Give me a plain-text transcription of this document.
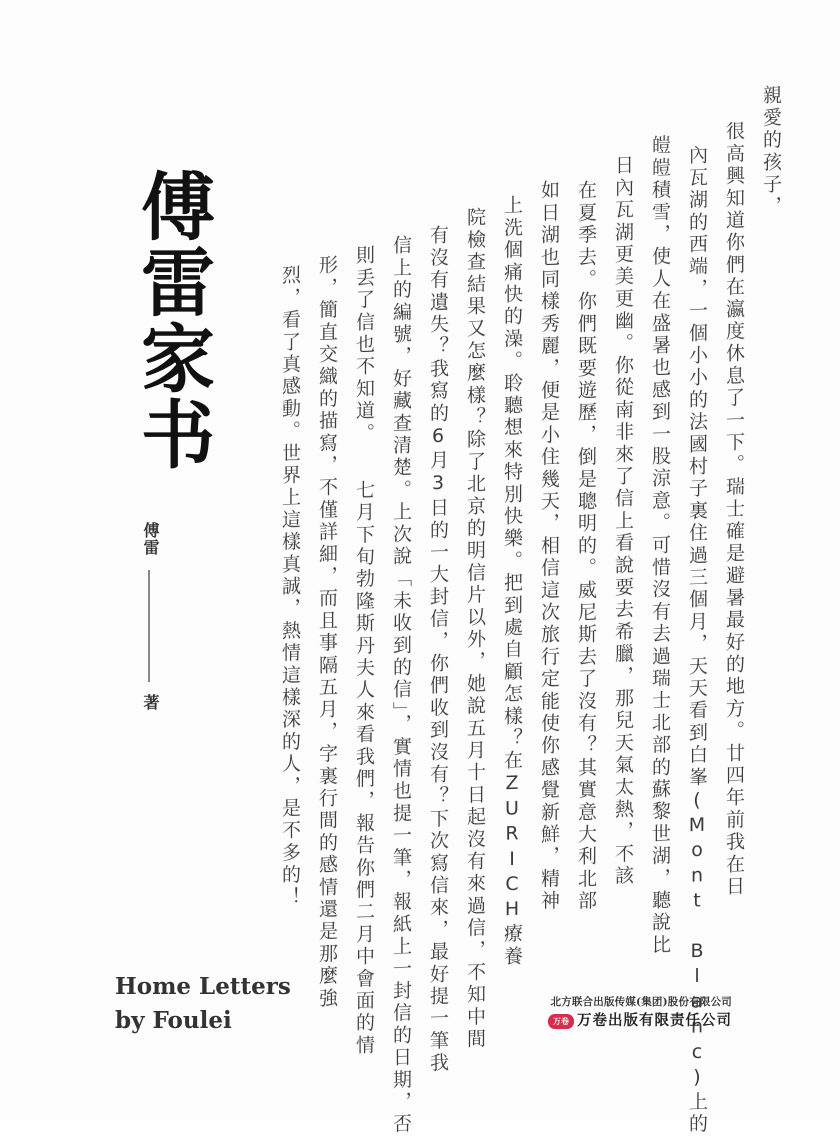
傅雷家书
傅雷
著
親愛的孩子，
很高興知道你們在瀛度休息了一下。瑞士確是避暑最好的地方。廿四年前我在日
內瓦湖的西端，一個小小的法國村子裏住過三個月，天天看到白峯(Mont Blanc)上的
皚皚積雪，使人在盛暑也感到一股涼意。可惜沒有去過瑞士北部的蘇黎世湖，聽說比
日內瓦湖更美更幽。你從南非來了信上看說要去希臘，那兒天氣太熱，不該
在夏季去。你們既要遊歷，倒是聰明的。威尼斯去了沒有？其實意大利北部
如日湖也同樣秀麗，便是小住幾天，相信這次旅行定能使你感覺新鮮，精神
上洗個痛快的澡。聆聽想來特別快樂。把到處自顧怎樣？在ZURICH療養
院檢查結果又怎麼樣？除了北京的明信片以外，她說五月十日起沒有來過信，不知中間
有沒有遺失？我寫的6月3日的一大封信，你們收到沒有？下次寫信來，最好提一筆我
信上的編號，好藏查清楚。上次說「未收到的信」，實情也提一筆，報紙上一封信的日期，否
則丢了信也不知道。　　七月下旬勃隆斯丹夫人來看我們，報告你們二月中會面的情
形，簡直交織的描寫，不僅詳細，而且事隔五月，字裏行間的感情還是那麼強
烈，看了真感動。世界上這樣真誠，熱情這樣深的人，是不多的！
Home Letters
by Foulei
北方联合出版传媒(集团)股份有限公司
万卷 万卷出版有限责任公司
